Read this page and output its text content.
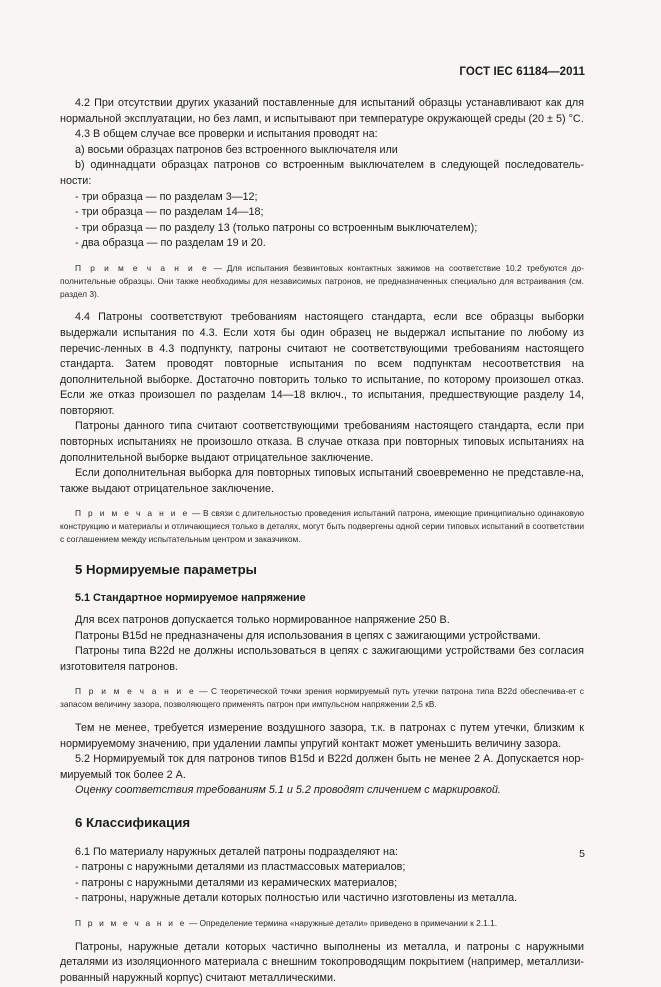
ГОСТ IEC 61184—2011

4.2 При отсутствии других указаний поставленные для испытаний образцы устанавливают как для нормальной эксплуатации, но без ламп, и испытывают при температуре окружающей среды (20 ± 5) °С.

4.3 В общем случае все проверки и испытания проводят на:

а) восьми образцах патронов без встроенного выключателя или

b) одиннадцати образцах патронов со встроенным выключателем в следующей последователь-ности:

- три образца — по разделам 3—12;

- три образца — по разделам 14—18;

- три образца — по разделу 13 (только патроны со встроенным выключателем);

- два образца — по разделам 19 и 20.

П р и м е ч а н и е — Для испытания безвинтовых контактных зажимов на соответствие 10.2 требуются до-полнительные образцы. Они также необходимы для независимых патронов, не предназначенных специально для встраивания (см. раздел 3).

4.4 Патроны соответствуют требованиям настоящего стандарта, если все образцы выборки выдержали испытания по 4.3. Если хотя бы один образец не выдержал испытание по любому из перечис-ленных в 4.3 подпункту, патроны считают не соответствующими требованиям настоящего стандарта. Затем проводят повторные испытания по всем подпунктам несоответствия на дополнительной выборке. Достаточно повторить только то испытание, по которому произошел отказ. Если же отказ произошел по разделам 14—18 включ., то испытания, предшествующие разделу 14, повторяют.

Патроны данного типа считают соответствующими требованиям настоящего стандарта, если при повторных испытаниях не произошло отказа. В случае отказа при повторных типовых испытаниях на дополнительной выборке выдают отрицательное заключение.

Если дополнительная выборка для повторных типовых испытаний своевременно не представле-на, также выдают отрицательное заключение.

П р и м е ч а н и е — В связи с длительностью проведения испытаний патрона, имеющие принципиально одинаковую конструкцию и материалы и отличающиеся только в деталях, могут быть подвергены одной серии типовых испытаний в соответствии с соглашением между испытательным центром и заказчиком.

5 Нормируемые параметры
5.1 Стандартное нормируемое напряжение

Для всех патронов допускается только нормированное напряжение 250 В.

Патроны B15d не предназначены для использования в цепях с зажигающими устройствами.

Патроны типа B22d не должны использоваться в цепях с зажигающими устройствами без согласия изготовителя патронов.

П р и м е ч а н и е — С теоретической точки зрения нормируемый путь утечки патрона типа B22d обеспечива-ет с запасом величину зазора, позволяющего применять патрон при импульсном напряжении 2,5 кВ.

Тем не менее, требуется измерение воздушного зазора, т.к. в патронах с путем утечки, близким к нормируемому значению, при удалении лампы упругий контакт может уменьшить величину зазора.

5.2 Нормируемый ток для патронов типов B15d и B22d должен быть не менее 2 А. Допускается нор-мируемый ток более 2 А.

Оценку соответствия требованиям 5.1 и 5.2 проводят сличением с маркировкой.

6 Классификация

6.1 По материалу наружных деталей патроны подразделяют на:

- патроны с наружными деталями из пластмассовых материалов;

- патроны с наружными деталями из керамических материалов;

- патроны, наружные детали которых полностью или частично изготовлены из металла.

П р и м е ч а н и е — Определение термина «наружные детали» приведено в примечании к 2.1.1.

Патроны, наружные детали которых частично выполнены из металла, и патроны с наружными деталями из изоляционного материала с внешним токопроводящим покрытием (например, металлизи-рованный наружный корпус) считают металлическими.

5
